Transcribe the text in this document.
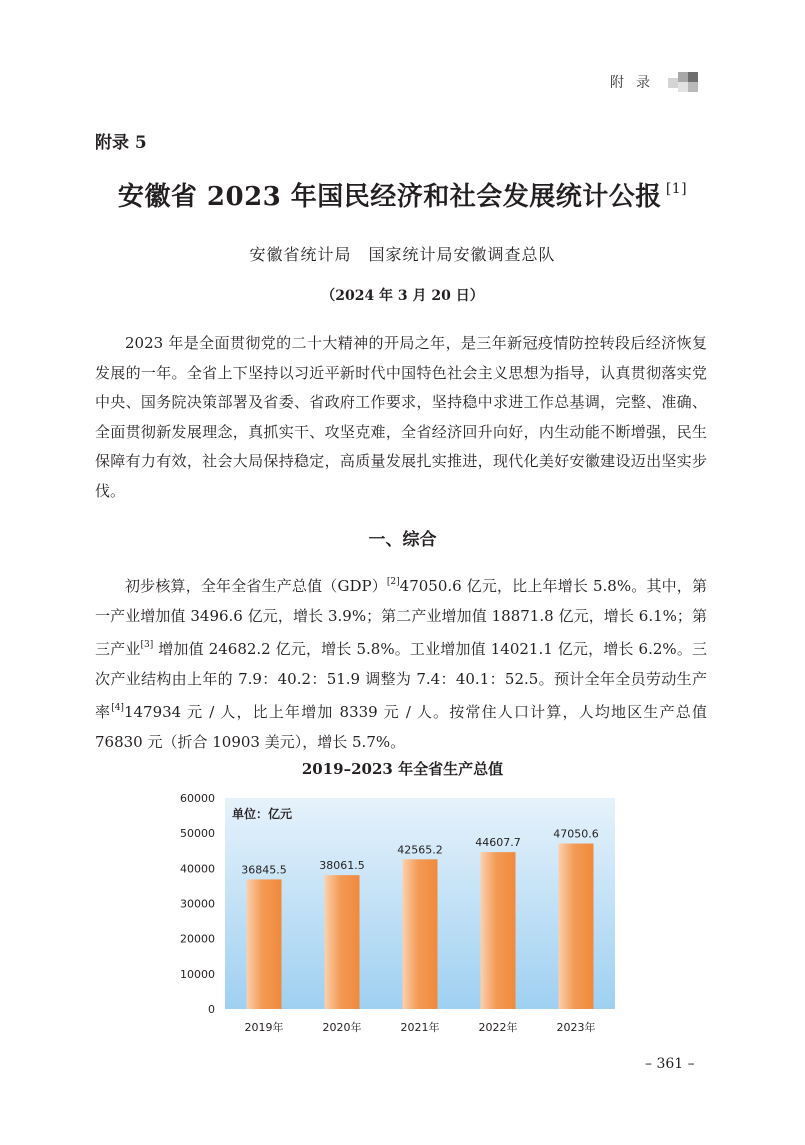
附录
附录 5
安徽省 2023 年国民经济和社会发展统计公报 [1]
安徽省统计局　国家统计局安徽调查总队
（2024 年 3 月 20 日）
2023 年是全面贯彻党的二十大精神的开局之年，是三年新冠疫情防控转段后经济恢复发展的一年。全省上下坚持以习近平新时代中国特色社会主义思想为指导，认真贯彻落实党中央、国务院决策部署及省委、省政府工作要求，坚持稳中求进工作总基调，完整、准确、全面贯彻新发展理念，真抓实干、攻坚克难，全省经济回升向好，内生动能不断增强，民生保障有力有效，社会大局保持稳定，高质量发展扎实推进，现代化美好安徽建设迈出坚实步伐。
一、综合
初步核算，全年全省生产总值（GDP）[2]47050.6 亿元，比上年增长 5.8%。其中，第一产业增加值 3496.6 亿元，增长 3.9%；第二产业增加值 18871.8 亿元，增长 6.1%；第三产业[3] 增加值 24682.2 亿元，增长 5.8%。工业增加值 14021.1 亿元，增长 6.2%。三次产业结构由上年的 7.9：40.2：51.9 调整为 7.4：40.1：52.5。预计全年全员劳动生产率[4]147934 元 / 人，比上年增加 8339 元 / 人。按常住人口计算，人均地区生产总值 76830 元（折合 10903 美元），增长 5.7%。
2019–2023 年全省生产总值
0
10000
20000
30000
40000
50000
60000
36845.5
2019年
38061.5
2020年
42565.2
2021年
44607.7
2022年
47050.6
2023年
单位：亿元
– 361 –
